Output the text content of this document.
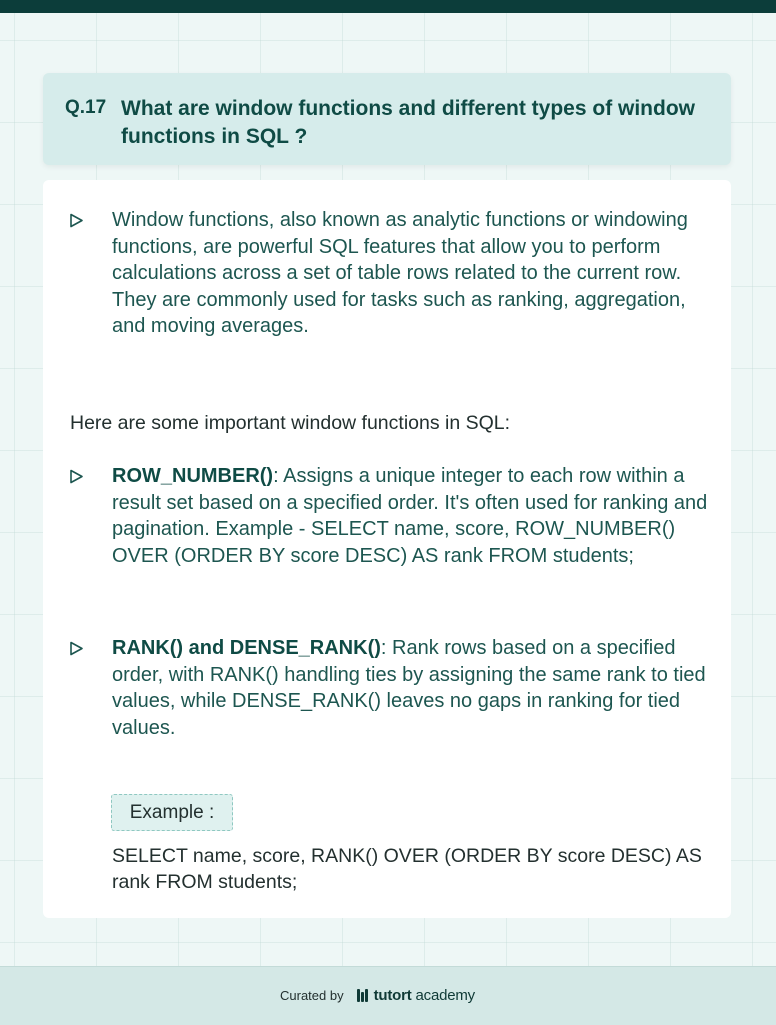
Q.17 What are window functions and different types of window functions in SQL ?
Window functions, also known as analytic functions or windowing functions, are powerful SQL features that allow you to perform calculations across a set of table rows related to the current row. They are commonly used for tasks such as ranking, aggregation, and moving averages.
Here are some important window functions in SQL:
ROW_NUMBER(): Assigns a unique integer to each row within a result set based on a specified order. It's often used for ranking and pagination. Example - SELECT name, score, ROW_NUMBER() OVER (ORDER BY score DESC) AS rank FROM students;
RANK() and DENSE_RANK(): Rank rows based on a specified order, with RANK() handling ties by assigning the same rank to tied values, while DENSE_RANK() leaves no gaps in ranking for tied values.
Example :
SELECT name, score, RANK() OVER (ORDER BY score DESC) AS rank FROM students;
Curated by tutort academy
